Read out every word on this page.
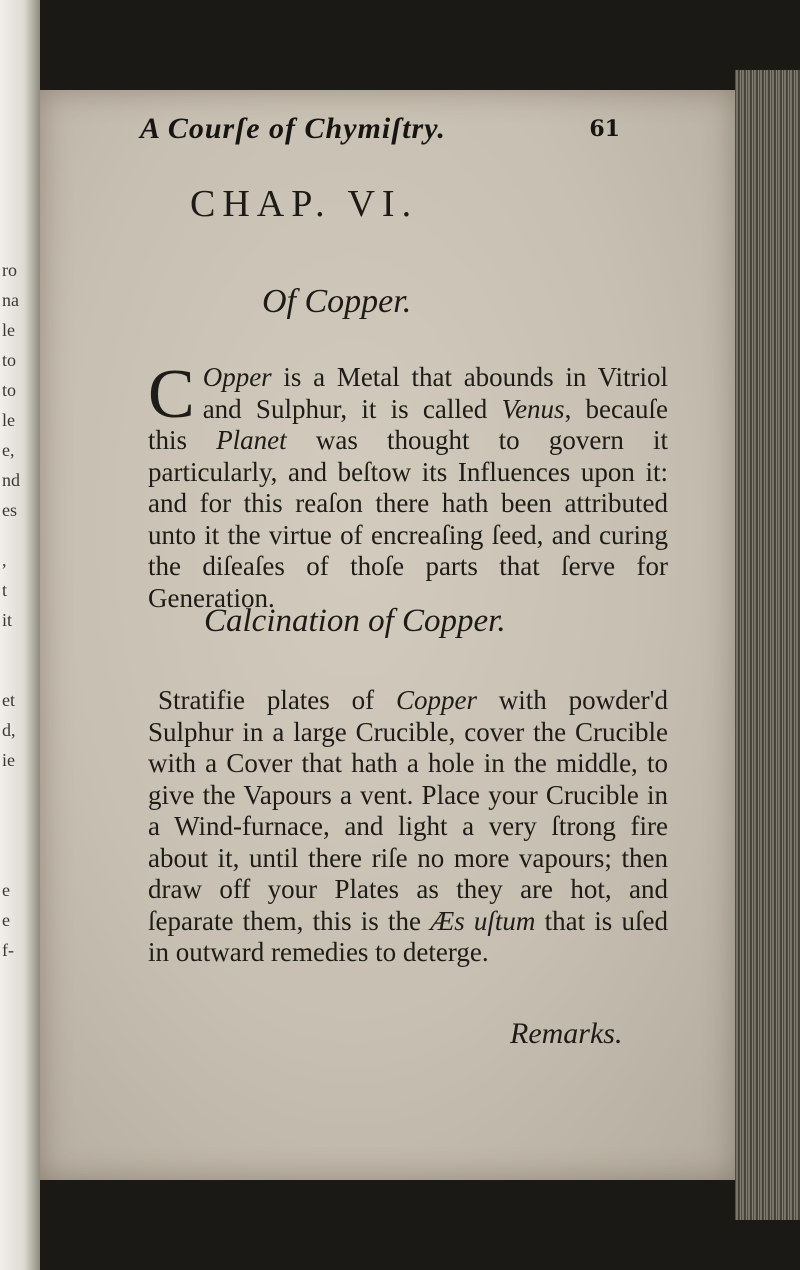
ro
na
le
to
to
le
e,
nd
es
,
t
it
et
d,
ie
e
e
f-
A Courſe of Chymiſtry.	61
CHAP. VI.
Of Copper.
C Opper is a Metal that abounds in Vitriol and Sulphur, it is called Venus, becauſe this Planet was thought to govern it particularly, and beſtow its Influences upon it: and for this reaſon there hath been attributed unto it the virtue of encreaſing ſeed, and curing the diſeaſes of thoſe parts that ſerve for Generation.
Calcination of Copper.
Stratifie plates of Copper with powder'd Sulphur in a large Crucible, cover the Crucible with a Cover that hath a hole in the middle, to give the Vapours a vent. Place your Crucible in a Wind-furnace, and light a very ſtrong fire about it, until there riſe no more vapours; then draw off your Plates as they are hot, and ſeparate them, this is the Æs uſtum that is uſed in outward remedies to deterge.
Remarks.
